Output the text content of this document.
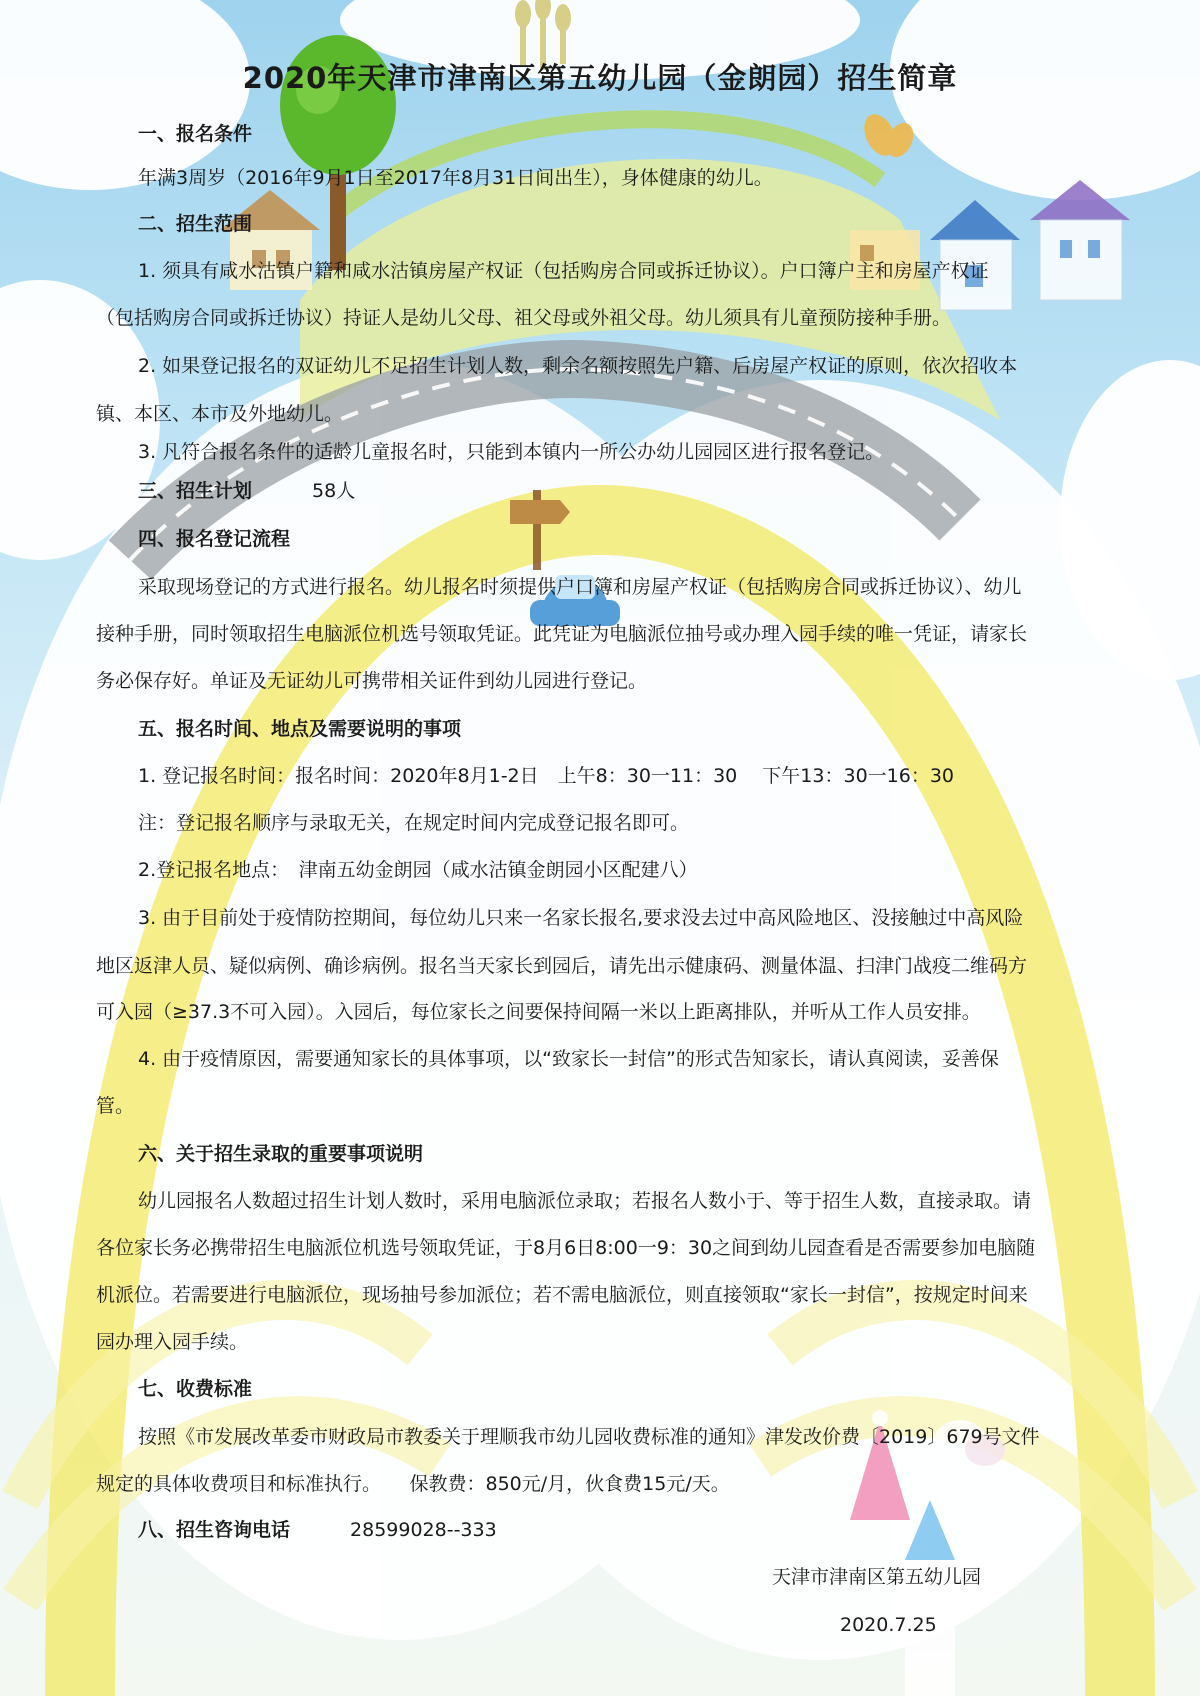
2020年天津市津南区第五幼儿园（金朗园）招生简章
一、报名条件
年满3周岁（2016年9月1日至2017年8月31日间出生），身体健康的幼儿。
二、招生范围
1. 须具有咸水沽镇户籍和咸水沽镇房屋产权证（包括购房合同或拆迁协议）。户口簿户主和房屋产权证
（包括购房合同或拆迁协议）持证人是幼儿父母、祖父母或外祖父母。幼儿须具有儿童预防接种手册。
2. 如果登记报名的双证幼儿不足招生计划人数，剩余名额按照先户籍、后房屋产权证的原则，依次招收本
镇、本区、本市及外地幼儿。
3. 凡符合报名条件的适龄儿童报名时，只能到本镇内一所公办幼儿园园区进行报名登记。
三、招生计划	58人
四、报名登记流程
采取现场登记的方式进行报名。幼儿报名时须提供户口簿和房屋产权证（包括购房合同或拆迁协议）、幼儿
接种手册，同时领取招生电脑派位机选号领取凭证。此凭证为电脑派位抽号或办理入园手续的唯一凭证，请家长
务必保存好。单证及无证幼儿可携带相关证件到幼儿园进行登记。
五、报名时间、地点及需要说明的事项
1. 登记报名时间：报名时间：2020年8月1-2日　上午8：30一11：30　 下午13：30一16：30
注：登记报名顺序与录取无关，在规定时间内完成登记报名即可。
2.登记报名地点：　津南五幼金朗园（咸水沽镇金朗园小区配建八）
3. 由于目前处于疫情防控期间，每位幼儿只来一名家长报名,要求没去过中高风险地区、没接触过中高风险
地区返津人员、疑似病例、确诊病例。报名当天家长到园后，请先出示健康码、测量体温、扫津门战疫二维码方
可入园（≥37.3不可入园）。入园后，每位家长之间要保持间隔一米以上距离排队，并听从工作人员安排。
4. 由于疫情原因，需要通知家长的具体事项，以“致家长一封信”的形式告知家长，请认真阅读，妥善保
管。
六、关于招生录取的重要事项说明
幼儿园报名人数超过招生计划人数时，采用电脑派位录取；若报名人数小于、等于招生人数，直接录取。请
各位家长务必携带招生电脑派位机选号领取凭证，于8月6日8:00一9：30之间到幼儿园查看是否需要参加电脑随
机派位。若需要进行电脑派位，现场抽号参加派位；若不需电脑派位，则直接领取“家长一封信”，按规定时间来
园办理入园手续。
七、收费标准
按照《市发展改革委市财政局市教委关于理顺我市幼儿园收费标准的通知》津发改价费〔2019〕679号文件
规定的具体收费项目和标准执行。　　保教费：850元/月，伙食费15元/天。
八、招生咨询电话	28599028--333
天津市津南区第五幼儿园
2020.7.25
